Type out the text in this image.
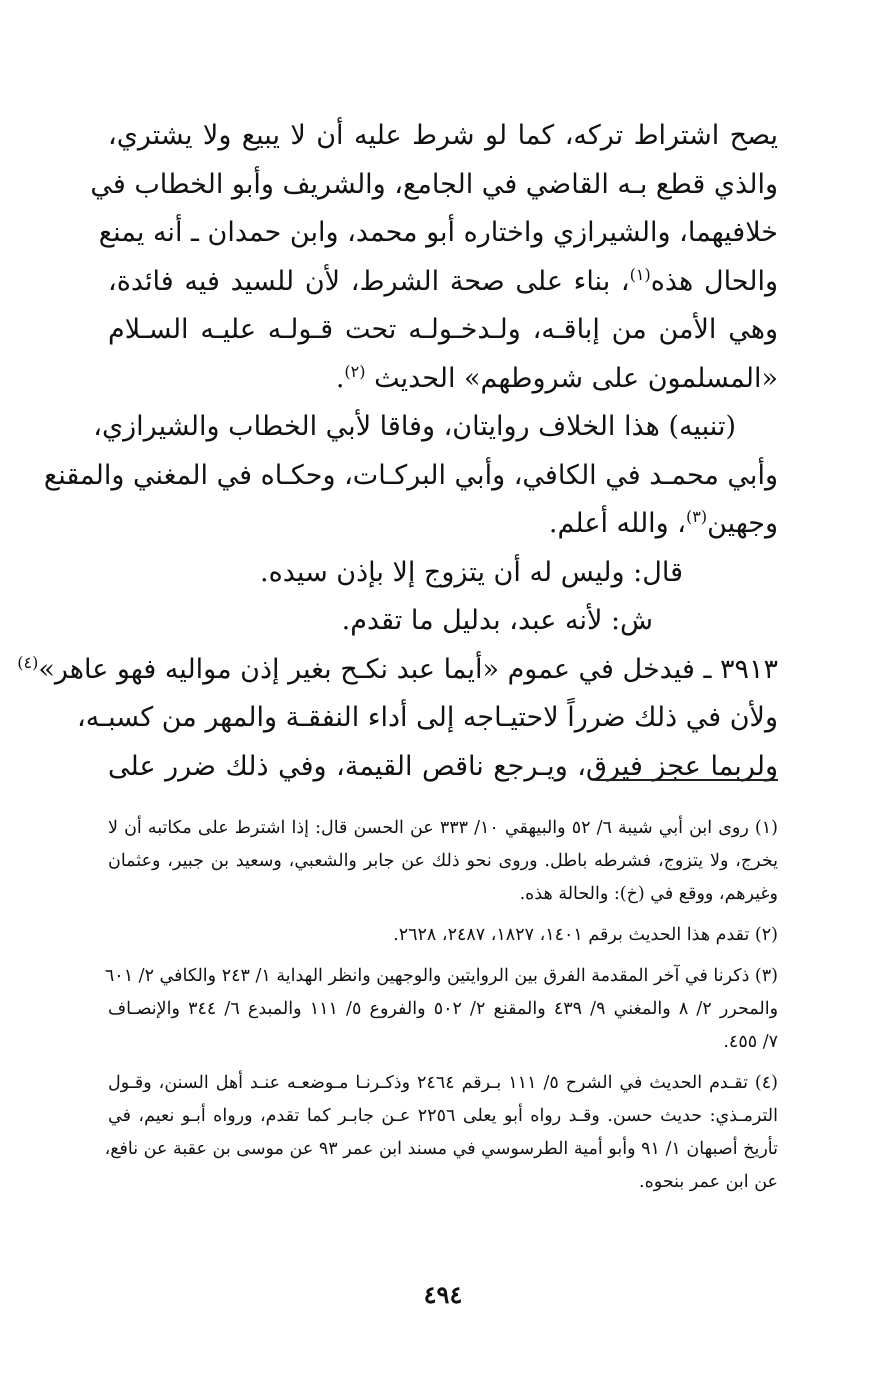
يصح اشتراط تركه، كما لو شرط عليه أن لا يبيع ولا يشتري،
والذي قطع بـه القاضي في الجامع، والشريف وأبو الخطاب في
خلافيهما، والشيرازي واختاره أبو محمد، وابن حمدان ـ أنه يمنع
والحال هذه$^{(١)}$، بناء على صحة الشرط، لأن للسيد فيه فائدة،
وهي الأمن من إباقـه، ولـدخـولـه تحت قـولـه عليـه السـلام
«المسلمون على شروطهم» الحديث $^{(٢)}$.
(تنبيه) هذا الخلاف روايتان، وفاقا لأبي الخطاب والشيرازي،
وأبي محمـد في الكافي، وأبي البركـات، وحكـاه في المغني والمقنع
وجهين$^{(٣)}$، والله أعلم.
قال: وليس له أن يتزوج إلا بإذن سيده.
ش: لأنه عبد، بدليل ما تقدم.
٣٩١٣ ـ فيدخل في عموم «أيما عبد نكـح بغير إذن مواليه فهو عاهر»$^{(٤)}$
ولأن في ذلك ضرراً لاحتيـاجه إلى أداء النفقـة والمهر من كسبـه،
ولربما عجز فيرق، ويـرجع ناقص القيمة، وفي ذلك ضرر على
(١) روى ابن أبي شيبة ٦/ ٥٢ والبيهقي ١٠/ ٣٣٣ عن الحسن قال: إذا اشترط على مكاتبه أن لا
يخرج، ولا يتزوج، فشرطه باطل. وروى نحو ذلك عن جابر والشعبي، وسعيد بن جبير، وعثمان
وغيرهم، ووقع في (خ): والحالة هذه.
(٢) تقدم هذا الحديث برقم ١٤٠١، ١٨٢٧، ٢٤٨٧، ٢٦٢٨.
(٣) ذكرنا في آخر المقدمة الفرق بين الروايتين والوجهين وانظر الهداية ١/ ٢٤٣ والكافي ٢/ ٦٠١
والمحرر ٢/ ٨ والمغني ٩/ ٤٣٩ والمقنع ٢/ ٥٠٢ والفروع ٥/ ١١١ والمبدع ٦/ ٣٤٤ والإنصـاف
٧/ ٤٥٥.
(٤) تقـدم الحديث في الشرح ٥/ ١١١ بـرقم ٢٤٦٤ وذكـرنـا مـوضعـه عنـد أهل السنن، وقـول
الترمـذي: حديث حسن. وقـد رواه أبو يعلى ٢٢٥٦ عـن جابـر كما تقدم، ورواه أبـو نعيم، في
تأريخ أصبهان ١/ ٩١ وأبو أمية الطرسوسي في مسند ابن عمر ٩٣ عن موسى بن عقبة عن نافع،
عن ابن عمر بنحوه.
٤٩٤
